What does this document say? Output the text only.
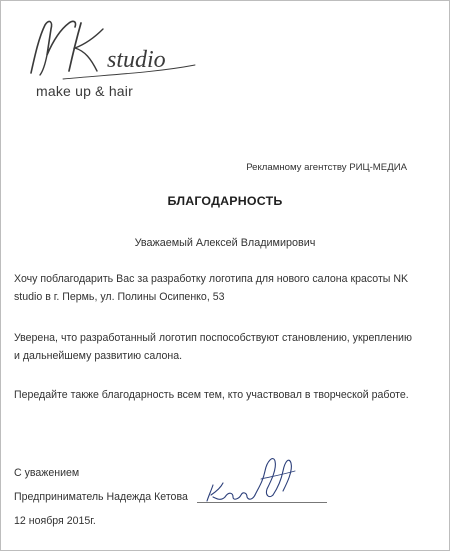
studio
make up & hair
Рекламному агентству РИЦ-МЕДИА
БЛАГОДАРНОСТЬ
Уважаемый Алексей Владимирович
Хочу поблагодарить Вас за разработку логотипа для нового салона красоты NK studio в г. Пермь, ул. Полины Осипенко, 53
Уверена, что разработанный логотип поспособствуют становлению, укреплению и дальнейшему развитию салона.
Передайте также благодарность всем тем, кто участвовал в творческой работе.
С уважением
Предприниматель Надежда Кетова
12 ноября 2015г.
